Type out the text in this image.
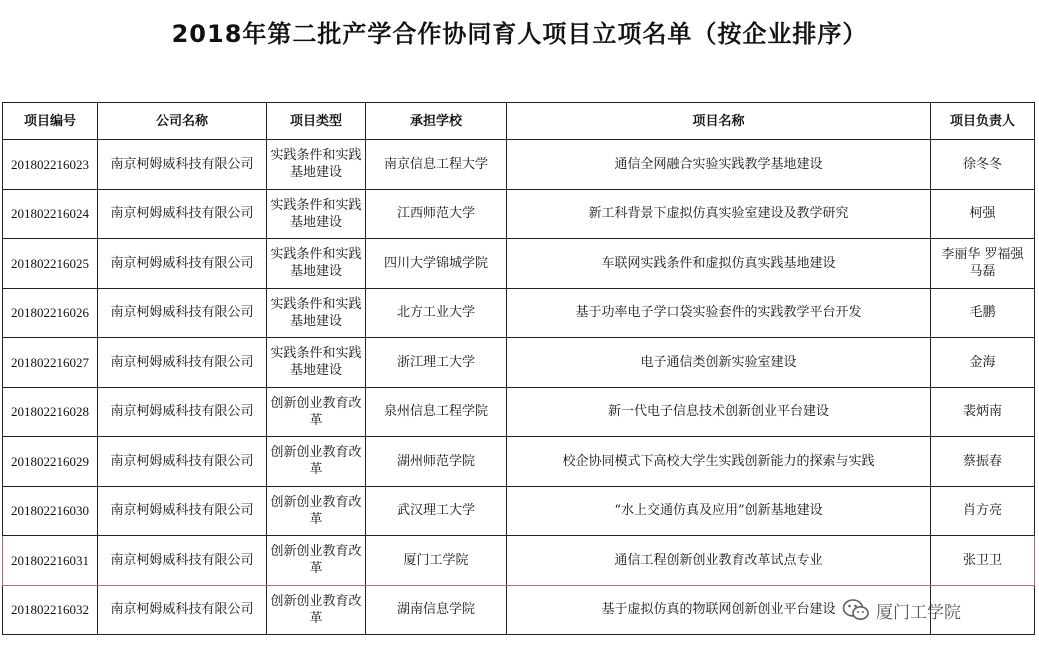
2018年第二批产学合作协同育人项目立项名单（按企业排序）
项目编号	公司名称	项目类型	承担学校	项目名称	项目负责人
201802216023	南京柯姆威科技有限公司	实践条件和实践基地建设	南京信息工程大学	通信全网融合实验实践教学基地建设	徐冬冬
201802216024	南京柯姆威科技有限公司	实践条件和实践基地建设	江西师范大学	新工科背景下虚拟仿真实验室建设及教学研究	柯强
201802216025	南京柯姆威科技有限公司	实践条件和实践基地建设	四川大学锦城学院	车联网实践条件和虚拟仿真实践基地建设	李丽华 罗福强 马磊
201802216026	南京柯姆威科技有限公司	实践条件和实践基地建设	北方工业大学	基于功率电子学口袋实验套件的实践教学平台开发	毛鹏
201802216027	南京柯姆威科技有限公司	实践条件和实践基地建设	浙江理工大学	电子通信类创新实验室建设	金海
201802216028	南京柯姆威科技有限公司	创新创业教育改革	泉州信息工程学院	新一代电子信息技术创新创业平台建设	裴炳南
201802216029	南京柯姆威科技有限公司	创新创业教育改革	湖州师范学院	校企协同模式下高校大学生实践创新能力的探索与实践	蔡振春
201802216030	南京柯姆威科技有限公司	创新创业教育改革	武汉理工大学	“水上交通仿真及应用”创新基地建设	肖方亮
201802216031	南京柯姆威科技有限公司	创新创业教育改革	厦门工学院	通信工程创新创业教育改革试点专业	张卫卫
201802216032	南京柯姆威科技有限公司	创新创业教育改革	湖南信息学院	基于虚拟仿真的物联网创新创业平台建设	厦门工学院
